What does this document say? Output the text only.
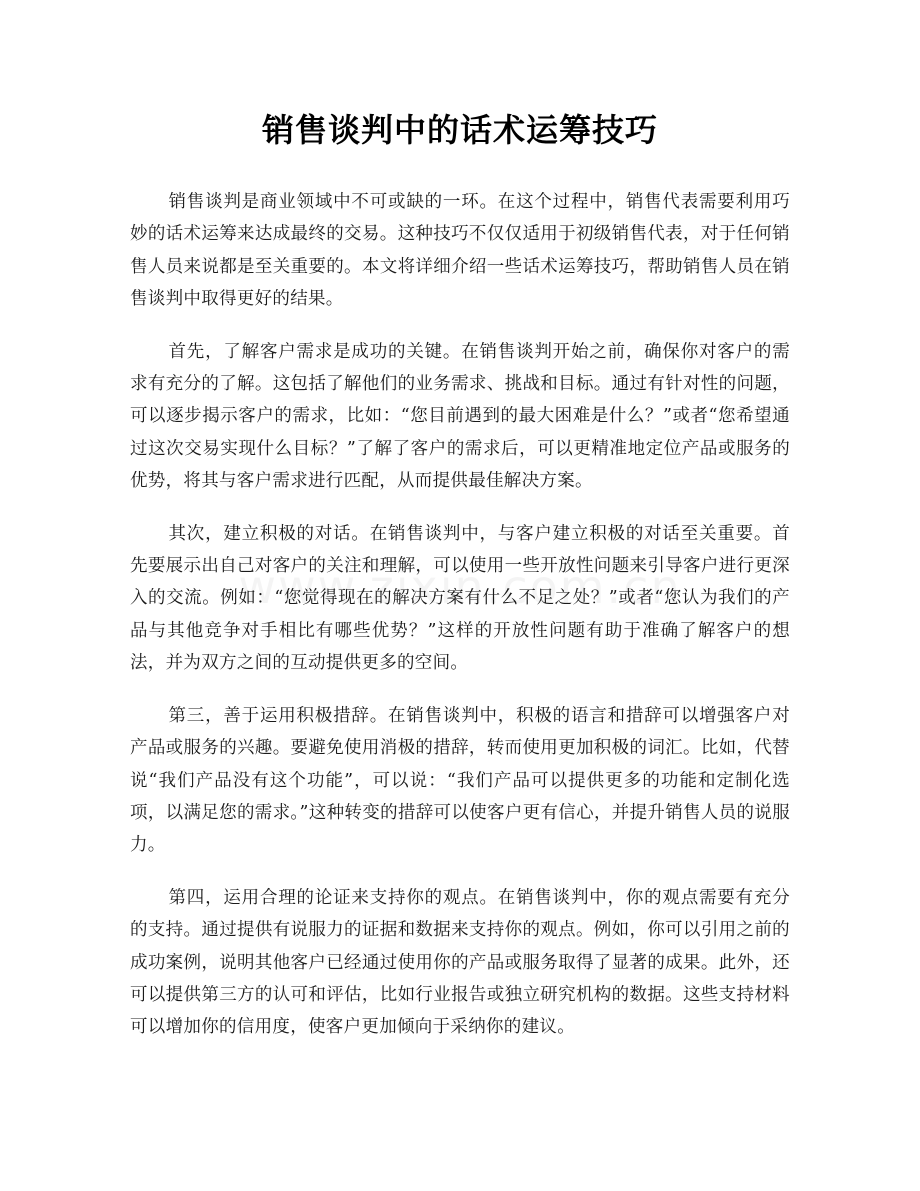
销售谈判中的话术运筹技巧

销售谈判是商业领域中不可或缺的一环。在这个过程中，销售代表需要利用巧妙的话术运筹来达成最终的交易。这种技巧不仅仅适用于初级销售代表，对于任何销售人员来说都是至关重要的。本文将详细介绍一些话术运筹技巧，帮助销售人员在销售谈判中取得更好的结果。

首先，了解客户需求是成功的关键。在销售谈判开始之前，确保你对客户的需求有充分的了解。这包括了解他们的业务需求、挑战和目标。通过有针对性的问题，可以逐步揭示客户的需求，比如：“您目前遇到的最大困难是什么？”或者“您希望通过这次交易实现什么目标？”了解了客户的需求后，可以更精准地定位产品或服务的优势，将其与客户需求进行匹配，从而提供最佳解决方案。

其次，建立积极的对话。在销售谈判中，与客户建立积极的对话至关重要。首先要展示出自己对客户的关注和理解，可以使用一些开放性问题来引导客户进行更深入的交流。例如：“您觉得现在的解决方案有什么不足之处？”或者“您认为我们的产品与其他竞争对手相比有哪些优势？”这样的开放性问题有助于准确了解客户的想法，并为双方之间的互动提供更多的空间。

第三，善于运用积极措辞。在销售谈判中，积极的语言和措辞可以增强客户对产品或服务的兴趣。要避免使用消极的措辞，转而使用更加积极的词汇。比如，代替说“我们产品没有这个功能”，可以说：“我们产品可以提供更多的功能和定制化选项，以满足您的需求。”这种转变的措辞可以使客户更有信心，并提升销售人员的说服力。

第四，运用合理的论证来支持你的观点。在销售谈判中，你的观点需要有充分的支持。通过提供有说服力的证据和数据来支持你的观点。例如，你可以引用之前的成功案例，说明其他客户已经通过使用你的产品或服务取得了显著的成果。此外，还可以提供第三方的认可和评估，比如行业报告或独立研究机构的数据。这些支持材料可以增加你的信用度，使客户更加倾向于采纳你的建议。
